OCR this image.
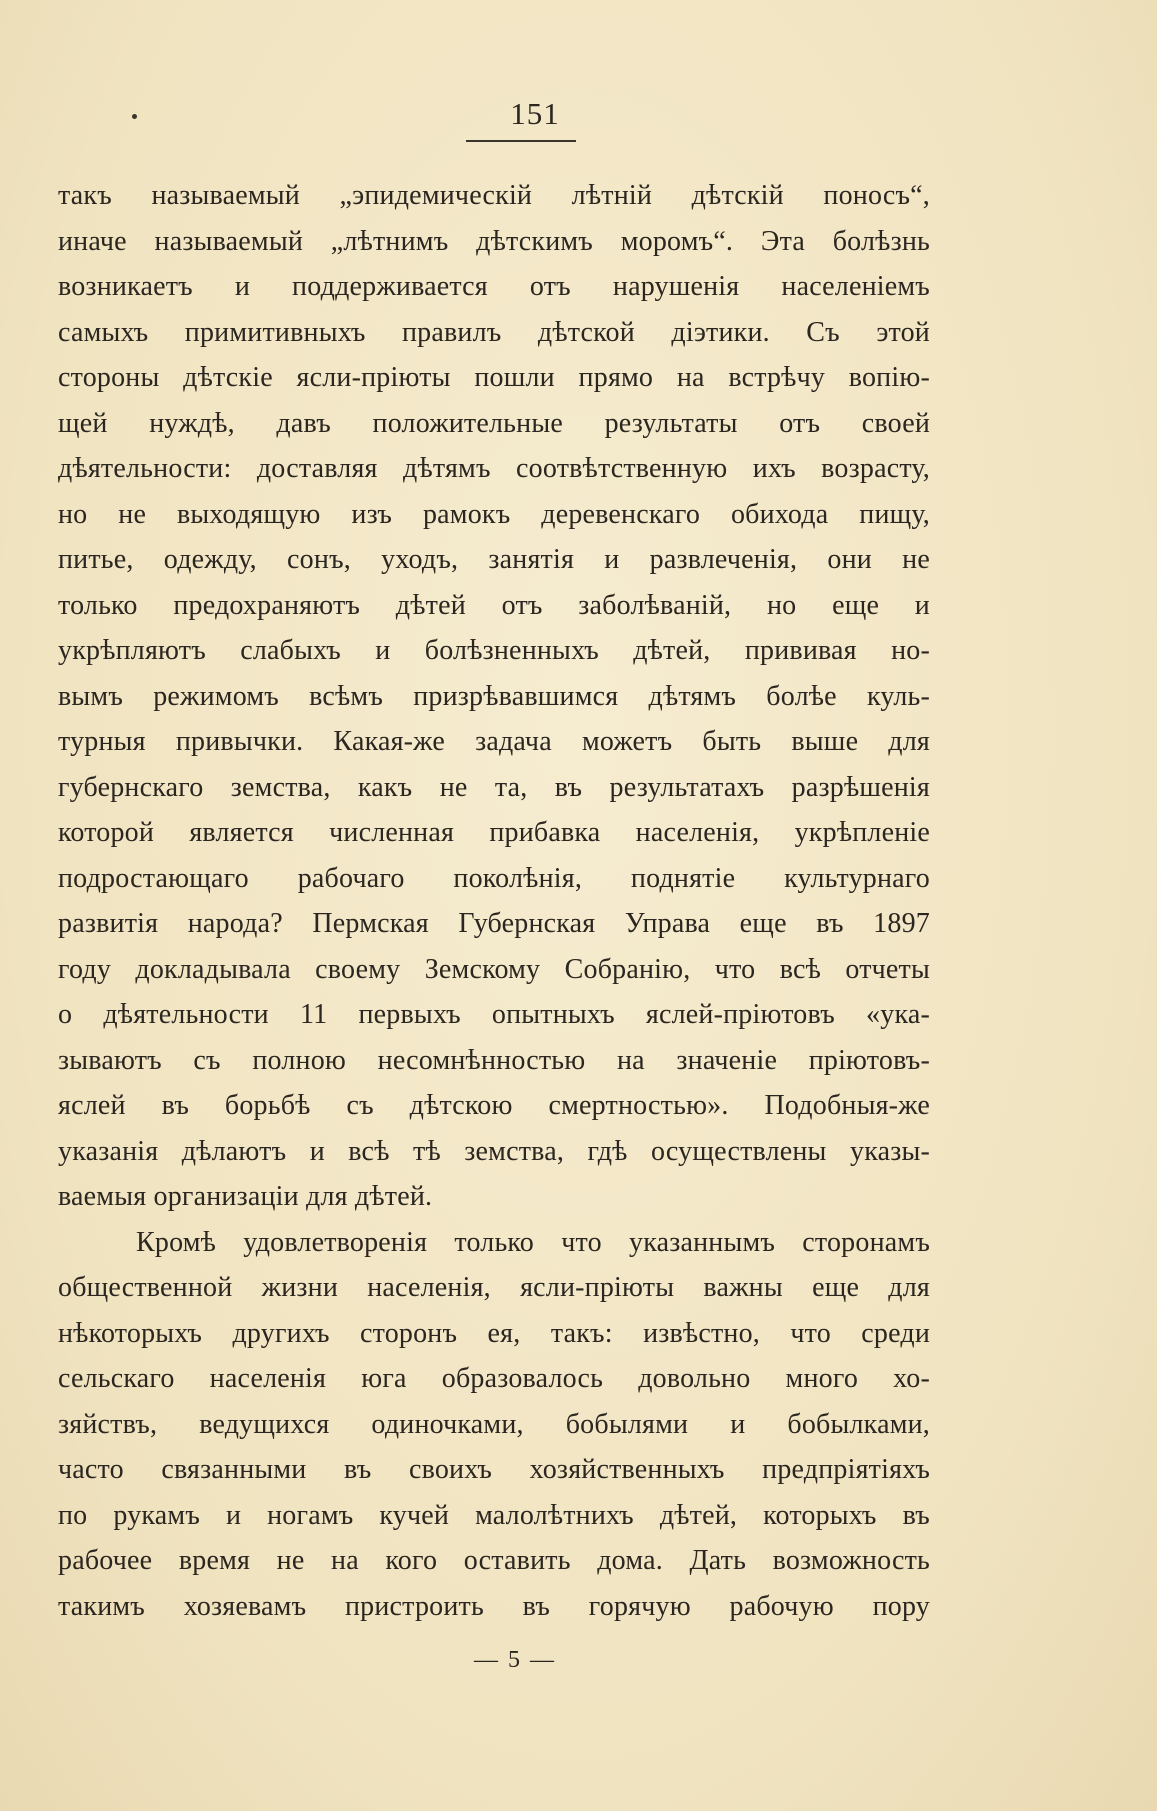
151
такъ называемый „эпидемическій лѣтній дѣтскій поносъ“,
иначе называемый „лѣтнимъ дѣтскимъ моромъ“. Эта болѣзнь
возникаетъ и поддерживается отъ нарушенія населеніемъ
самыхъ примитивныхъ правилъ дѣтской діэтики. Съ этой
стороны дѣтскіе ясли-пріюты пошли прямо на встрѣчу вопію-
щей нуждѣ, давъ положительные результаты отъ своей
дѣятельности: доставляя дѣтямъ соотвѣтственную ихъ возрасту,
но не выходящую изъ рамокъ деревенскаго обихода пищу,
питье, одежду, сонъ, уходъ, занятія и развлеченія, они не
только предохраняютъ дѣтей отъ заболѣваній, но еще и
укрѣпляютъ слабыхъ и болѣзненныхъ дѣтей, прививая но-
вымъ режимомъ всѣмъ призрѣвавшимся дѣтямъ болѣе куль-
турныя привычки. Какая-же задача можетъ быть выше для
губернскаго земства, какъ не та, въ результатахъ разрѣшенія
которой является численная прибавка населенія, укрѣпленіе
подростающаго рабочаго поколѣнія, поднятіе культурнаго
развитія народа? Пермская Губернская Управа еще въ 1897
году докладывала своему Земскому Собранію, что всѣ отчеты
о дѣятельности 11 первыхъ опытныхъ яслей-пріютовъ «ука-
зываютъ съ полною несомнѣнностью на значеніе пріютовъ-
яслей въ борьбѣ съ дѣтскою смертностью». Подобныя-же
указанія дѣлаютъ и всѣ тѣ земства, гдѣ осуществлены указы-
ваемыя организаціи для дѣтей.
Кромѣ удовлетворенія только что указаннымъ сторонамъ
общественной жизни населенія, ясли-пріюты важны еще для
нѣкоторыхъ другихъ сторонъ ея, такъ: извѣстно, что среди
сельскаго населенія юга образовалось довольно много хо-
зяйствъ, ведущихся одиночками, бобылями и бобылками,
часто связанными въ своихъ хозяйственныхъ предпріятіяхъ
по рукамъ и ногамъ кучей малолѣтнихъ дѣтей, которыхъ въ
рабочее время не на кого оставить дома. Дать возможность
такимъ хозяевамъ пристроить въ горячую рабочую пору
— 5 —
